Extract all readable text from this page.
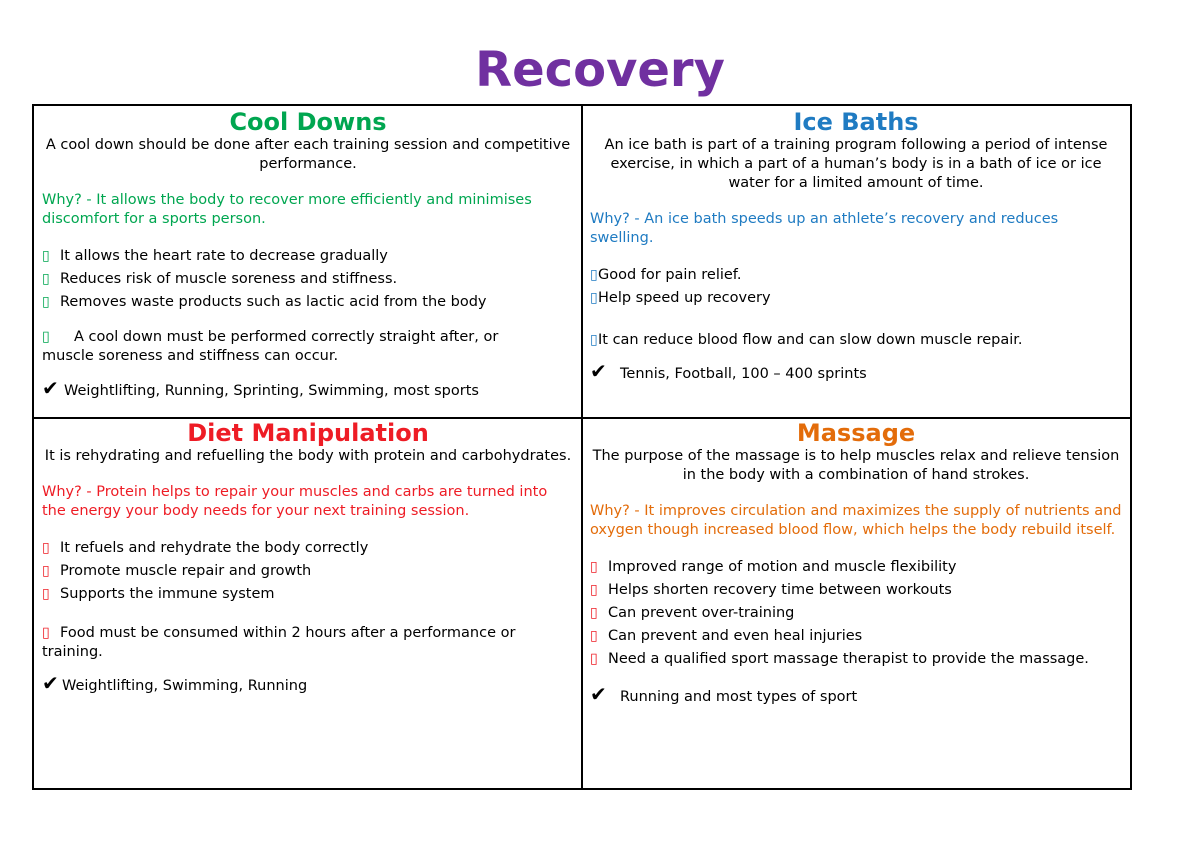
Recovery

Cool Downs

A cool down should be done after each training session and competitive performance.

Why? - It allows the body to recover more efficiently and minimises discomfort for a sports person.

▯ It allows the heart rate to decrease gradually

▯ Reduces risk of muscle soreness and stiffness.

▯ Removes waste products such as lactic acid from the body

▯ A cool down must be performed correctly straight after, or muscle soreness and stiffness can occur.

✔ Weightlifting, Running, Sprinting, Swimming, most sports

Ice Baths

An ice bath is part of a training program following a period of intense exercise, in which a part of a human’s body is in a bath of ice or ice water for a limited amount of time.

Why? - An ice bath speeds up an athlete’s recovery and reduces swelling.

▯ Good for pain relief.

▯ Help speed up recovery

▯ It can reduce blood flow and can slow down muscle repair.

✔ Tennis, Football, 100 – 400 sprints

Diet Manipulation

It is rehydrating and refuelling the body with protein and carbohydrates.

Why? - Protein helps to repair your muscles and carbs are turned into the energy your body needs for your next training session.

▯ It refuels and rehydrate the body correctly

▯ Promote muscle repair and growth

▯ Supports the immune system

▯ Food must be consumed within 2 hours after a performance or training.

✔ Weightlifting, Swimming, Running

Massage

The purpose of the massage is to help muscles relax and relieve tension in the body with a combination of hand strokes.

Why? - It improves circulation and maximizes the supply of nutrients and oxygen though increased blood flow, which helps the body rebuild itself.

▯ Improved range of motion and muscle flexibility

▯ Helps shorten recovery time between workouts

▯ Can prevent over-training

▯ Can prevent and even heal injuries

▯ Need a qualified sport massage therapist to provide the massage.

✔ Running and most types of sport
